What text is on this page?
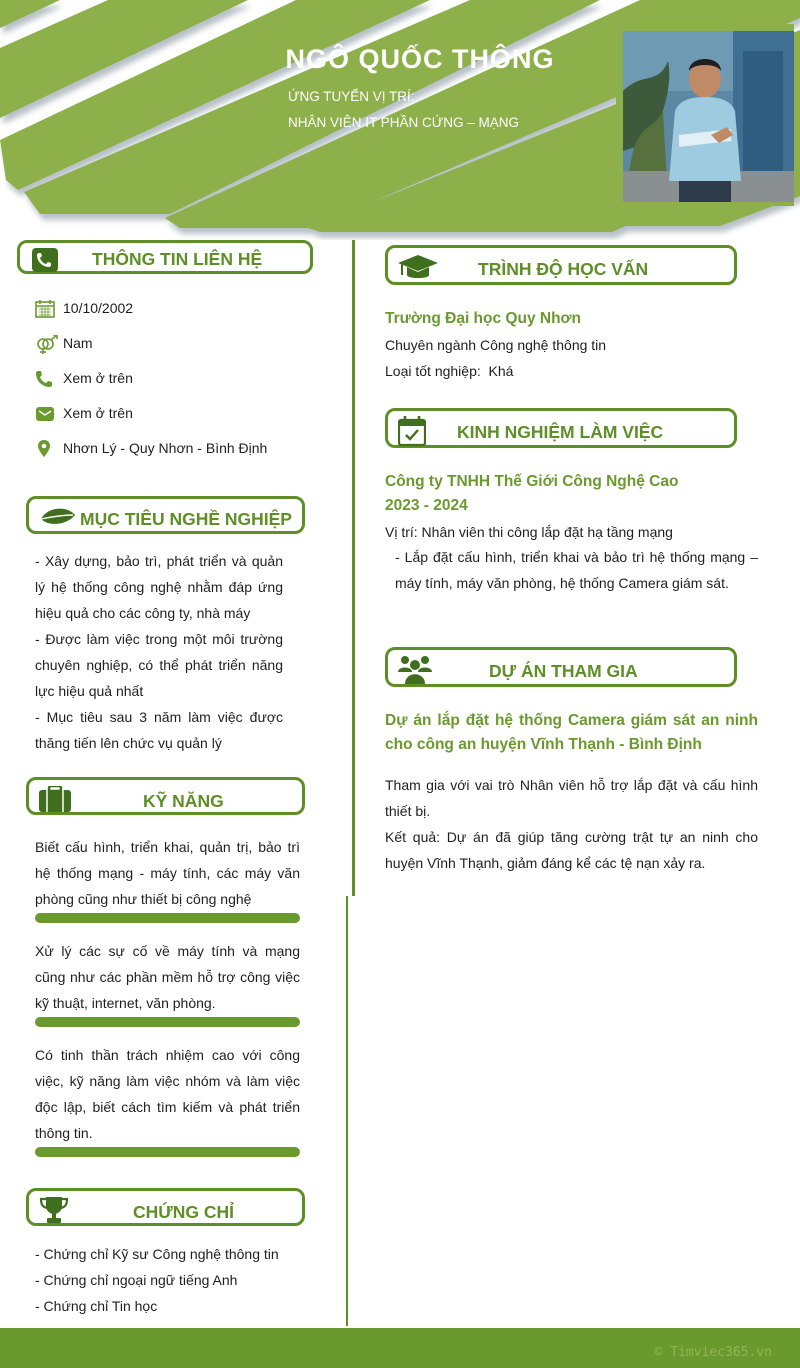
NGÔ QUỐC THÔNG
ỨNG TUYỂN VỊ TRÍ:
NHÂN VIÊN IT PHẦN CỨNG – MẠNG
THÔNG TIN LIÊN HỆ
10/10/2002
Nam
Xem ở trên
Xem ở trên
Nhơn Lý - Quy Nhơn - Bình Định
MỤC TIÊU NGHỀ NGHIỆP
- Xây dựng, bảo trì, phát triển và quản lý hệ thống công nghệ nhằm đáp ứng hiệu quả cho các công ty, nhà máy
- Được làm việc trong một môi trường chuyên nghiệp, có thể phát triển năng lực hiệu quả nhất
- Mục tiêu sau 3 năm làm việc được thăng tiến lên chức vụ quản lý
KỸ NĂNG
Biết cấu hình, triển khai, quản trị, bảo trì hệ thống mạng - máy tính, các máy văn phòng cũng như thiết bị công nghệ
Xử lý các sự cố về máy tính và mạng cũng như các phần mềm hỗ trợ công việc kỹ thuật, internet, văn phòng.
Có tinh thần trách nhiệm cao với công việc, kỹ năng làm việc nhóm và làm việc độc lập, biết cách tìm kiếm và phát triển thông tin.
CHỨNG CHỈ
- Chứng chỉ Kỹ sư Công nghệ thông tin
- Chứng chỉ ngoại ngữ tiếng Anh
- Chứng chỉ Tin học
TRÌNH ĐỘ HỌC VẤN
Trường Đại học Quy Nhơn
Chuyên ngành Công nghệ thông tin
Loại tốt nghiệp:  Khá
KINH NGHIỆM LÀM VIỆC
Công ty TNHH Thế Giới Công Nghệ Cao
2023 - 2024
Vị trí: Nhân viên thi công lắp đặt hạ tầng mạng
- Lắp đặt cấu hình, triển khai và bảo trì hệ thống mạng – máy tính, máy văn phòng, hệ thống Camera giám sát.
DỰ ÁN THAM GIA
Dự án lắp đặt hệ thống Camera giám sát an ninh cho công an huyện Vĩnh Thạnh - Bình Định
Tham gia với vai trò Nhân viên hỗ trợ lắp đặt và cấu hình thiết bị.
Kết quả: Dự án đã giúp tăng cường trật tự an ninh cho huyện Vĩnh Thạnh, giảm đáng kể các tệ nạn xảy ra.
© Timviec365.vn
